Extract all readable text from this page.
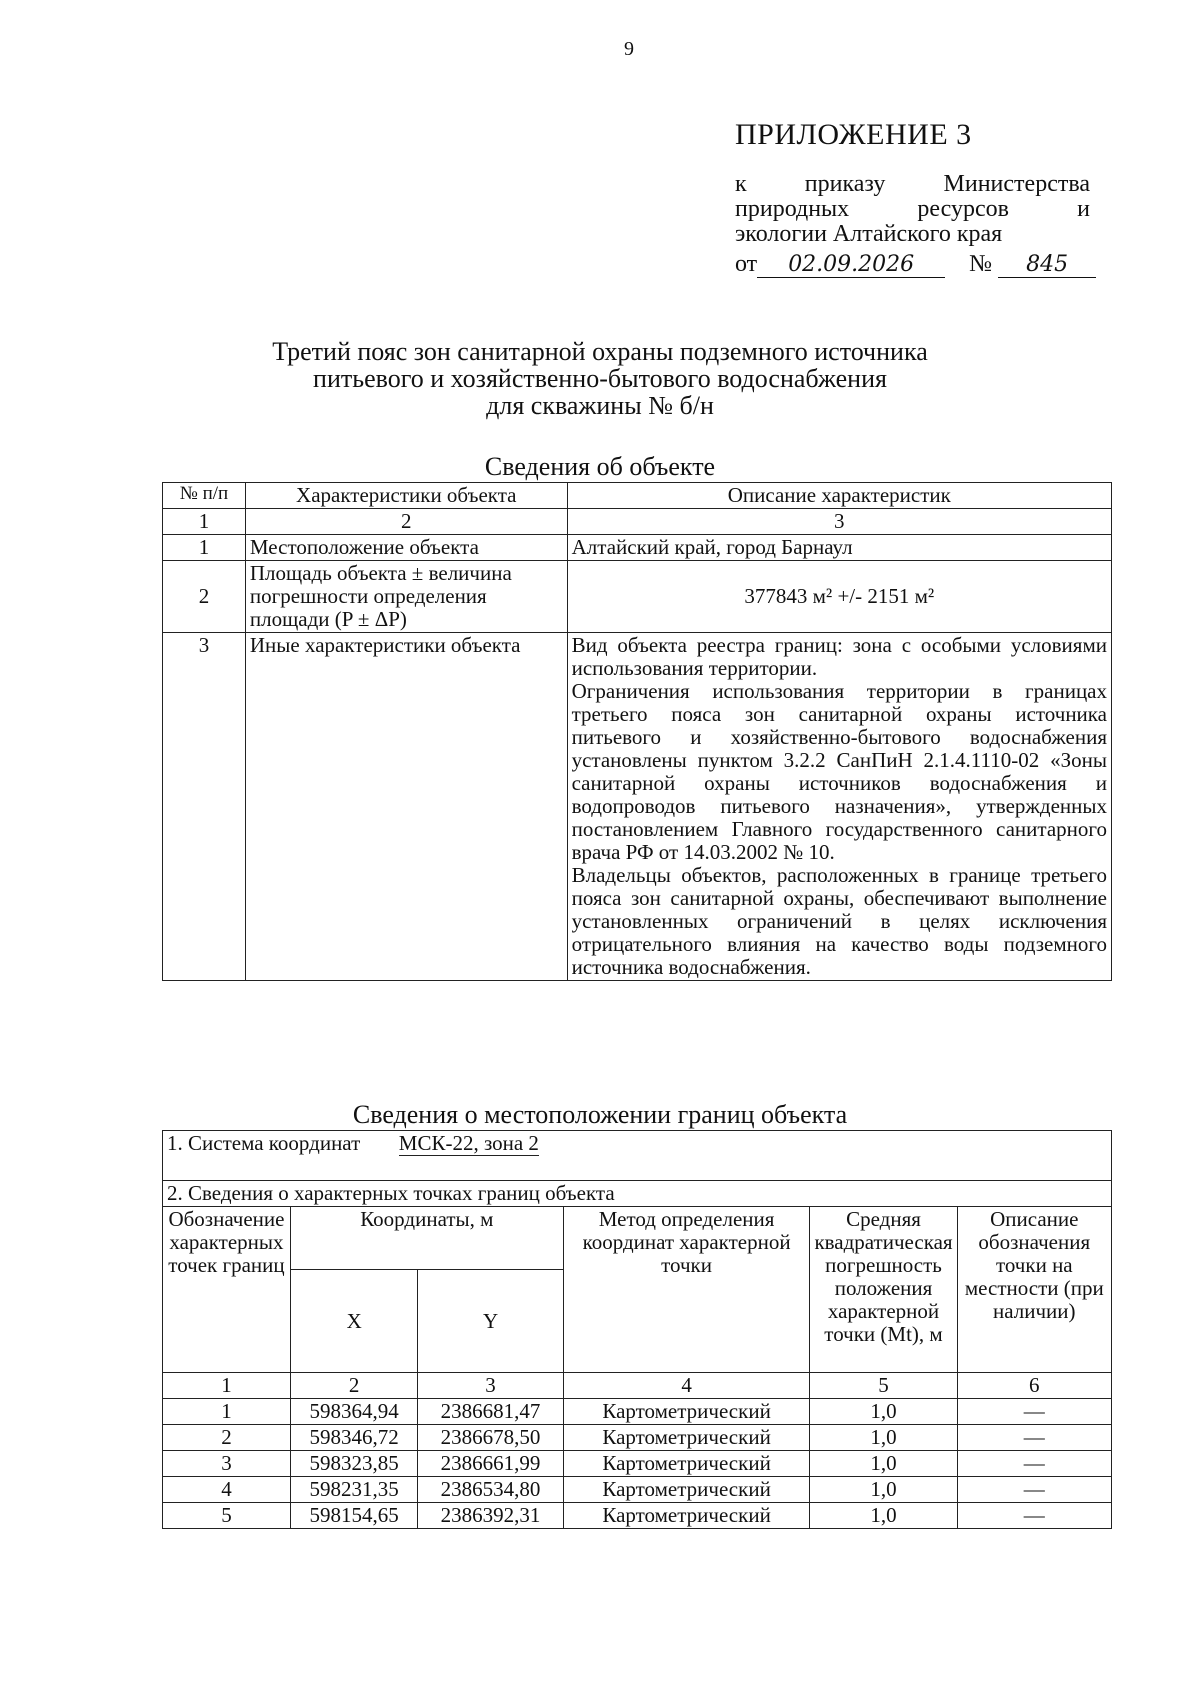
9
ПРИЛОЖЕНИЕ 3
к приказу Министерства
природных ресурсов и
экологии Алтайского края
от 02.09.2026 № 845
Третий пояс зон санитарной охраны подземного источника
питьевого и хозяйственно-бытового водоснабжения
для скважины № б/н
Сведения об объекте
№ п/п	Характеристики объекта	Описание характеристик
1	2	3
1	Местоположение объекта	Алтайский край, город Барнаул
2	Площадь объекта ± величина погрешности определения площади (P ± ΔP)	377843 м² +/- 2151 м²
3	Иные характеристики объекта	Вид объекта реестра границ: зона с особыми условиями использования территории.
Ограничения использования территории в границах третьего пояса зон санитарной охраны источника питьевого и хозяйственно-бытового водоснабжения установлены пунктом 3.2.2 СанПиН 2.1.4.1110-02 «Зоны санитарной охраны источников водоснабжения и водопроводов питьевого назначения», утвержденных постановлением Главного государственного санитарного врача РФ от 14.03.2002 № 10.
Владельцы объектов, расположенных в границе третьего пояса зон санитарной охраны, обеспечивают выполнение установленных ограничений в целях исключения отрицательного влияния на качество воды подземного источника водоснабжения.
Сведения о местоположении границ объекта
1. Система координат МСК-22, зона 2					

2. Сведения о характерных точках границ объекта					
Обозначение характерных точек границ	Координаты, м		Метод определения координат характерной точки	Средняя квадратическая погрешность положения характерной точки (Mt), м	Описание обозначения точки на местности (при наличии)
	X	Y			
1	2	3	4	5	6
1	598364,94	2386681,47	Картометрический	1,0	—
2	598346,72	2386678,50	Картометрический	1,0	—
3	598323,85	2386661,99	Картометрический	1,0	—
4	598231,35	2386534,80	Картометрический	1,0	—
5	598154,65	2386392,31	Картометрический	1,0	—
